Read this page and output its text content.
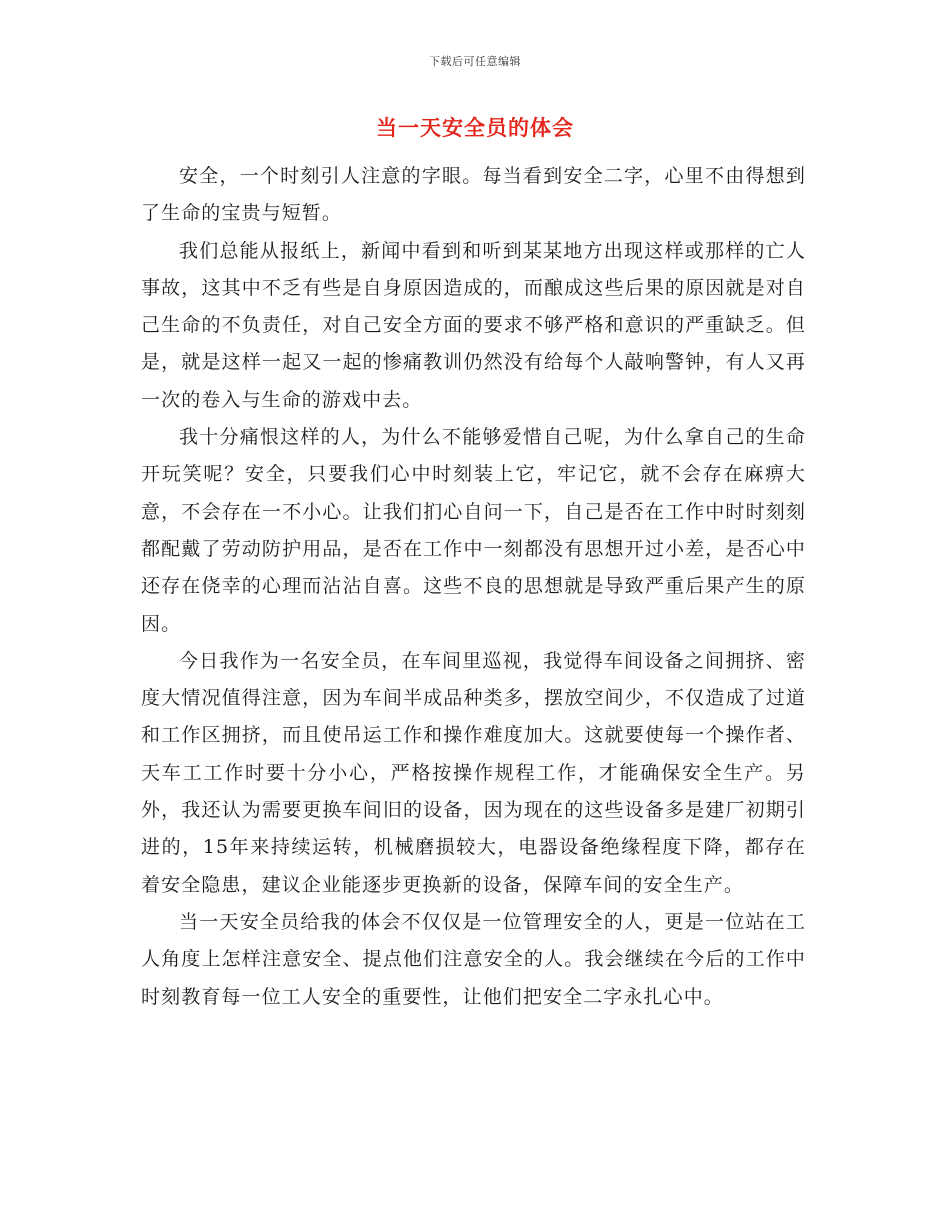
下载后可任意编辑
当一天安全员的体会

安全，一个时刻引人注意的字眼。每当看到安全二字，心里不由得想到了生命的宝贵与短暂。

我们总能从报纸上，新闻中看到和听到某某地方出现这样或那样的亡人事故，这其中不乏有些是自身原因造成的，而酿成这些后果的原因就是对自己生命的不负责任，对自己安全方面的要求不够严格和意识的严重缺乏。但是，就是这样一起又一起的惨痛教训仍然没有给每个人敲响警钟，有人又再一次的卷入与生命的游戏中去。

我十分痛恨这样的人，为什么不能够爱惜自己呢，为什么拿自己的生命开玩笑呢？安全，只要我们心中时刻装上它，牢记它，就不会存在麻痹大意，不会存在一不小心。让我们扪心自问一下，自己是否在工作中时时刻刻都配戴了劳动防护用品，是否在工作中一刻都没有思想开过小差，是否心中还存在侥幸的心理而沾沾自喜。这些不良的思想就是导致严重后果产生的原因。

今日我作为一名安全员，在车间里巡视，我觉得车间设备之间拥挤、密度大情况值得注意，因为车间半成品种类多，摆放空间少，不仅造成了过道和工作区拥挤，而且使吊运工作和操作难度加大。这就要使每一个操作者、天车工工作时要十分小心，严格按操作规程工作，才能确保安全生产。另外，我还认为需要更换车间旧的设备，因为现在的这些设备多是建厂初期引进的，15年来持续运转，机械磨损较大，电器设备绝缘程度下降，都存在着安全隐患，建议企业能逐步更换新的设备，保障车间的安全生产。

当一天安全员给我的体会不仅仅是一位管理安全的人，更是一位站在工人角度上怎样注意安全、提点他们注意安全的人。我会继续在今后的工作中时刻教育每一位工人安全的重要性，让他们把安全二字永扎心中。
